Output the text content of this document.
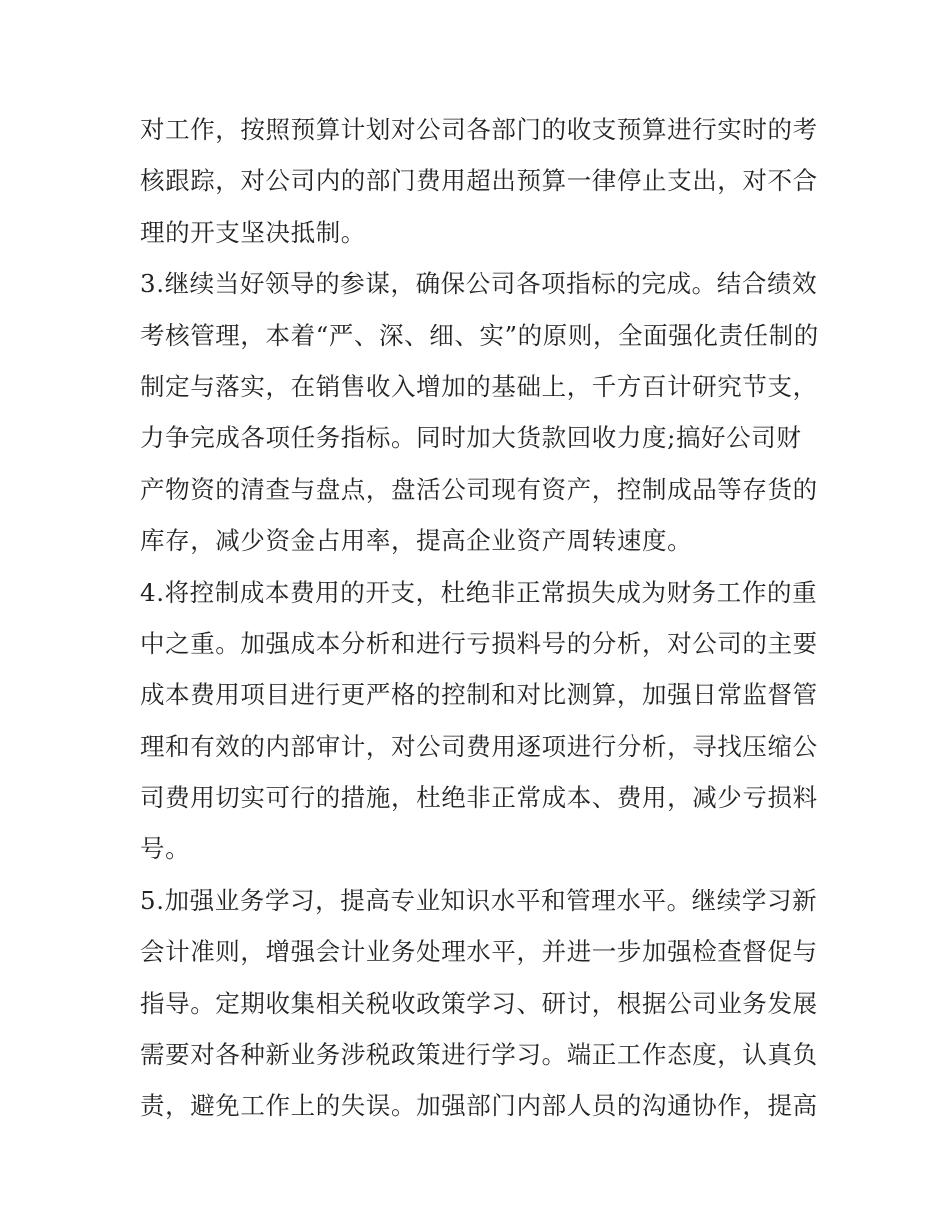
对工作，按照预算计划对公司各部门的收支预算进行实时的考
核跟踪，对公司内的部门费用超出预算一律停止支出，对不合
理的开支坚决抵制。
3.继续当好领导的参谋，确保公司各项指标的完成。结合绩效
考核管理，本着“严、深、细、实”的原则，全面强化责任制的
制定与落实，在销售收入增加的基础上，千方百计研究节支，
力争完成各项任务指标。同时加大货款回收力度;搞好公司财
产物资的清查与盘点，盘活公司现有资产，控制成品等存货的
库存，减少资金占用率，提高企业资产周转速度。
4.将控制成本费用的开支，杜绝非正常损失成为财务工作的重
中之重。加强成本分析和进行亏损料号的分析，对公司的主要
成本费用项目进行更严格的控制和对比测算，加强日常监督管
理和有效的内部审计，对公司费用逐项进行分析，寻找压缩公
司费用切实可行的措施，杜绝非正常成本、费用，减少亏损料
号。
5.加强业务学习，提高专业知识水平和管理水平。继续学习新
会计准则，增强会计业务处理水平，并进一步加强检查督促与
指导。定期收集相关税收政策学习、研讨，根据公司业务发展
需要对各种新业务涉税政策进行学习。端正工作态度，认真负
责，避免工作上的失误。加强部门内部人员的沟通协作，提高
